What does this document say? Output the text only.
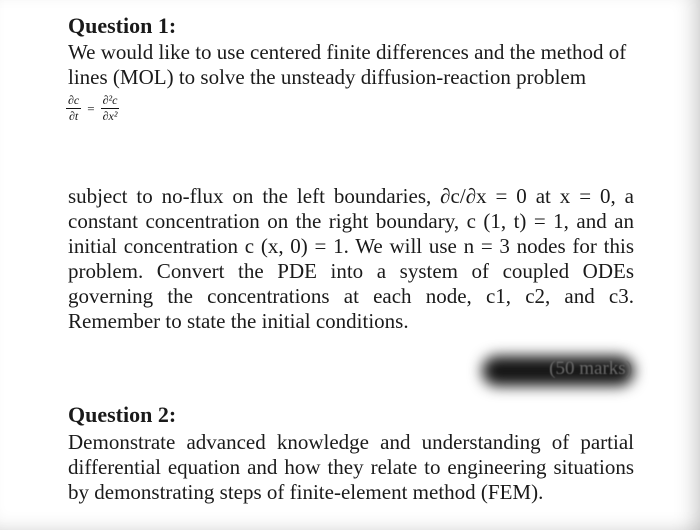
Question 1:

We would like to use centered finite differences and the method of lines (MOL) to solve the unsteady diffusion-reaction problem

$\frac{\partial c}{\partial t} = \frac{\text{∂²c}}{\text{∂x²}}$

subject to no-flux on the left boundaries, ∂c/∂x = 0 at x = 0, a constant concentration on the right boundary, c (1, t) = 1, and an initial concentration c (x, 0) = 1. We will use n = 3 nodes for this problem. Convert the PDE into a system of coupled ODEs governing the concentrations at each node, c1, c2, and c3. Remember to state the initial conditions.

(50 marks)
Question 2:

Demonstrate advanced knowledge and understanding of partial differential equation and how they relate to engineering situations by demonstrating steps of finite-element method (FEM).
